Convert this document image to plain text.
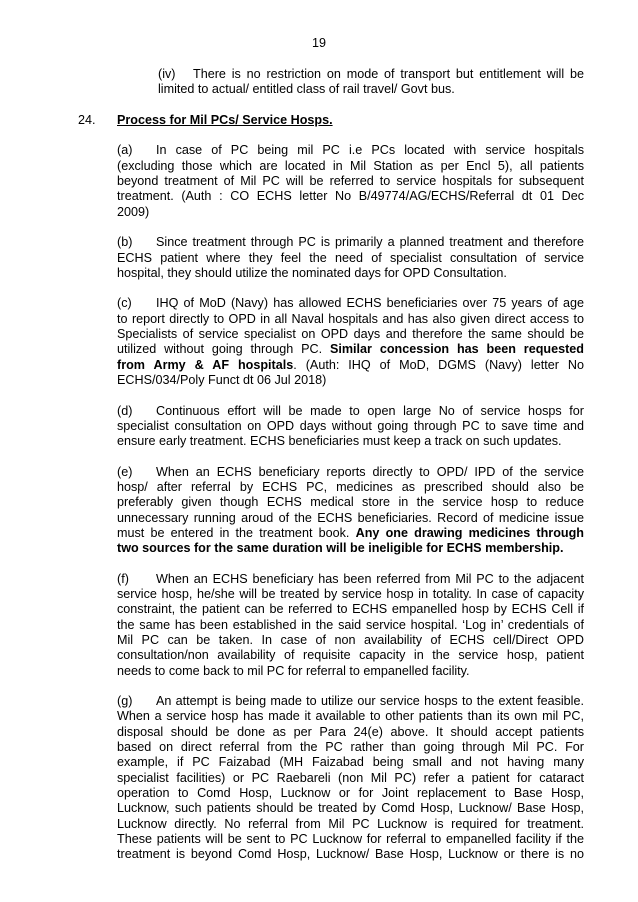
19
(iv) There is no restriction on mode of transport but entitlement will be
limited to actual/ entitled class of rail travel/ Govt bus.
24. Process for Mil PCs/ Service Hosps.
(a) In case of PC being mil PC i.e PCs located with service hospitals
(excluding those which are located in Mil Station as per Encl 5), all patients
beyond treatment of Mil PC will be referred to service hospitals for subsequent
treatment. (Auth : CO ECHS letter No B/49774/AG/ECHS/Referral dt 01 Dec
2009)
(b) Since treatment through PC is primarily a planned treatment and therefore
ECHS patient where they feel the need of specialist consultation of service
hospital, they should utilize the nominated days for OPD Consultation.
(c) IHQ of MoD (Navy) has allowed ECHS beneficiaries over 75 years of age
to report directly to OPD in all Naval hospitals and has also given direct access to
Specialists of service specialist on OPD days and therefore the same should be
utilized without going through PC. Similar concession has been requested
from Army & AF hospitals. (Auth: IHQ of MoD, DGMS (Navy) letter No
ECHS/034/Poly Funct dt 06 Jul 2018)
(d) Continuous effort will be made to open large No of service hosps for
specialist consultation on OPD days without going through PC to save time and
ensure early treatment. ECHS beneficiaries must keep a track on such updates.
(e) When an ECHS beneficiary reports directly to OPD/ IPD of the service
hosp/ after referral by ECHS PC, medicines as prescribed should also be
preferably given though ECHS medical store in the service hosp to reduce
unnecessary running aroud of the ECHS beneficiaries. Record of medicine issue
must be entered in the treatment book. Any one drawing medicines through
two sources for the same duration will be ineligible for ECHS membership.
(f) When an ECHS beneficiary has been referred from Mil PC to the adjacent
service hosp, he/she will be treated by service hosp in totality. In case of capacity
constraint, the patient can be referred to ECHS empanelled hosp by ECHS Cell if
the same has been established in the said service hospital. ‘Log in’ credentials of
Mil PC can be taken. In case of non availability of ECHS cell/Direct OPD
consultation/non availability of requisite capacity in the service hosp, patient
needs to come back to mil PC for referral to empanelled facility.
(g) An attempt is being made to utilize our service hosps to the extent feasible.
When a service hosp has made it available to other patients than its own mil PC,
disposal should be done as per Para 24(e) above. It should accept patients
based on direct referral from the PC rather than going through Mil PC. For
example, if PC Faizabad (MH Faizabad being small and not having many
specialist facilities) or PC Raebareli (non Mil PC) refer a patient for cataract
operation to Comd Hosp, Lucknow or for Joint replacement to Base Hosp,
Lucknow, such patients should be treated by Comd Hosp, Lucknow/ Base Hosp,
Lucknow directly. No referral from Mil PC Lucknow is required for treatment.
These patients will be sent to PC Lucknow for referral to empanelled facility if the
treatment is beyond Comd Hosp, Lucknow/ Base Hosp, Lucknow or there is no
